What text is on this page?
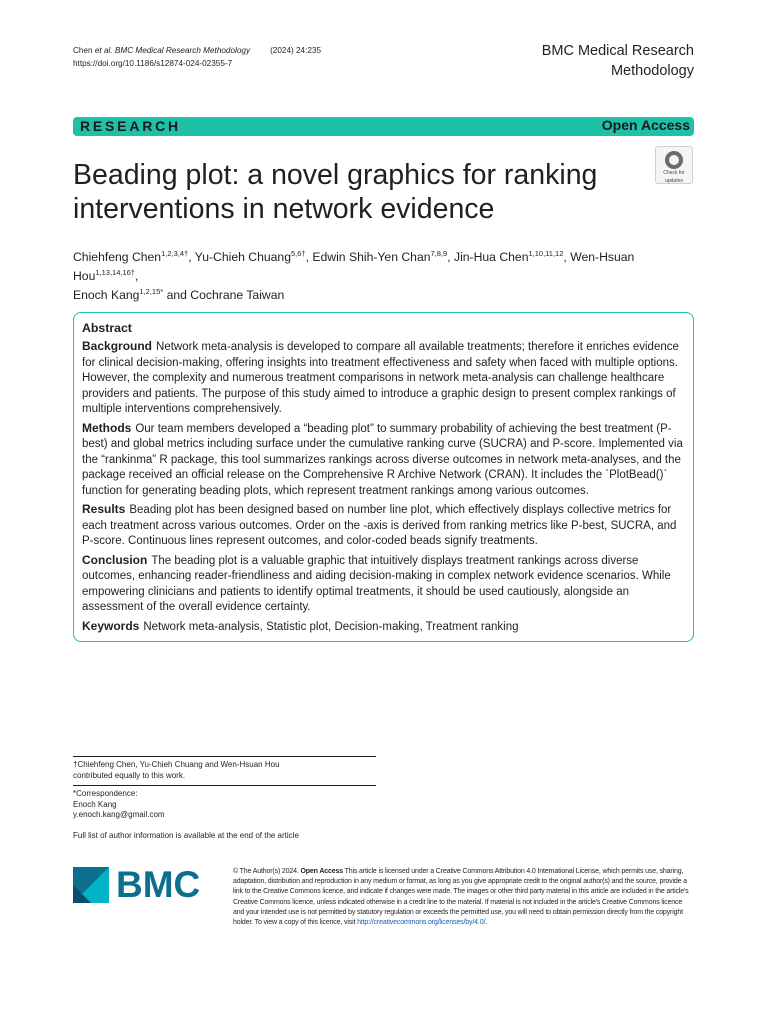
Chen et al. BMC Medical Research Methodology (2024) 24:235
https://doi.org/10.1186/s12874-024-02355-7
BMC Medical Research
Methodology
RESEARCH	Open Access
Check for
updates
Beading plot: a novel graphics for ranking
interventions in network evidence
Chiehfeng Chen$^{1,2,3,4\dagger}$, Yu-Chieh Chuang$^{5,6\dagger}$, Edwin Shih-Yen Chan$^{7,8,9}$, Jin-Hua Chen$^{1,10,11,12}$, Wen-Hsuan Hou$^{1,13,14,16\dagger}$,
Enoch Kang$^{1,2,15*}$ and Cochrane Taiwan
Abstract

Background Network meta-analysis is developed to compare all available treatments; therefore it enriches evidence for clinical decision-making, offering insights into treatment effectiveness and safety when faced with multiple options. However, the complexity and numerous treatment comparisons in network meta-analysis can challenge healthcare providers and patients. The purpose of this study aimed to introduce a graphic design to present complex rankings of multiple interventions comprehensively.

Methods Our team members developed a “beading plot” to summary probability of achieving the best treatment (P-best) and global metrics including surface under the cumulative ranking curve (SUCRA) and P-score. Implemented via the “rankinma” R package, this tool summarizes rankings across diverse outcomes in network meta-analyses, and the package received an official release on the Comprehensive R Archive Network (CRAN). It includes the `PlotBead()` function for generating beading plots, which represent treatment rankings among various outcomes.

Results Beading plot has been designed based on number line plot, which effectively displays collective metrics for each treatment across various outcomes. Order on the -axis is derived from ranking metrics like P-best, SUCRA, and P-score. Continuous lines represent outcomes, and color-coded beads signify treatments.

Conclusion The beading plot is a valuable graphic that intuitively displays treatment rankings across diverse outcomes, enhancing reader-friendliness and aiding decision-making in complex network evidence scenarios. While empowering clinicians and patients to identify optimal treatments, it should be used cautiously, alongside an assessment of the overall evidence certainty.

Keywords Network meta-analysis, Statistic plot, Decision-making, Treatment ranking

†Chiehfeng Chen, Yu-Chieh Chuang and Wen-Hsuan Hou
contributed equally to this work.
*Correspondence:
Enoch Kang
y.enoch.kang@gmail.com
Full list of author information is available at the end of the article
BMC	© The Author(s) 2024. Open Access This article is licensed under a Creative Commons Attribution 4.0 International License, which permits use, sharing, adaptation, distribution and reproduction in any medium or format, as long as you give appropriate credit to the original author(s) and the source, provide a link to the Creative Commons licence, and indicate if changes were made. The images or other third party material in this article are included in the article's Creative Commons licence, unless indicated otherwise in a credit line to the material. If material is not included in the article's Creative Commons licence and your intended use is not permitted by statutory regulation or exceeds the permitted use, you will need to obtain permission directly from the copyright holder. To view a copy of this licence, visit http://creativecommons.org/licenses/by/4.0/.
